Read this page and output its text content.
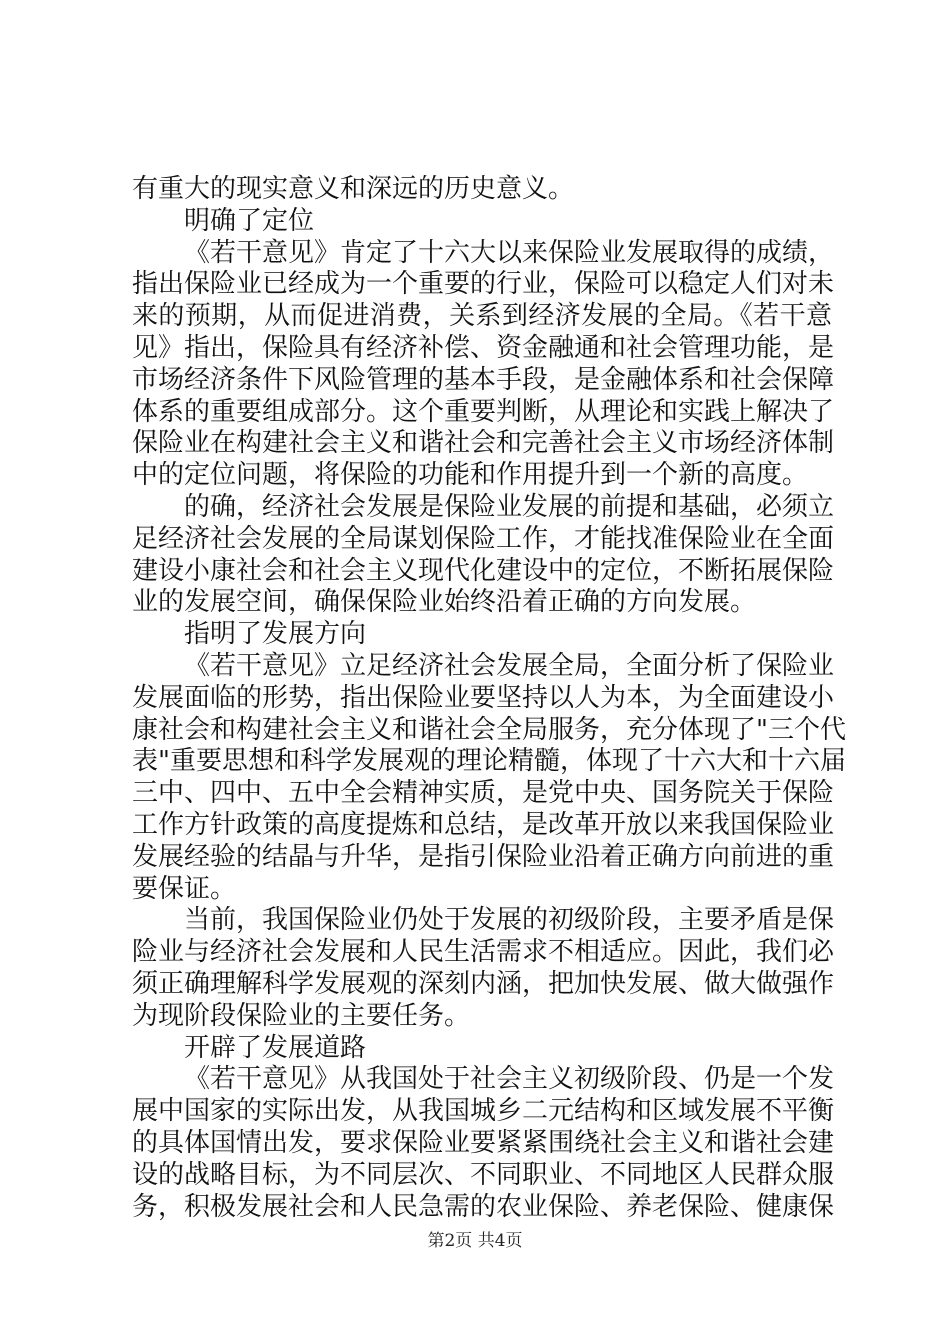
有重大的现实意义和深远的历史意义。
明确了定位
《若干意见》肯定了十六大以来保险业发展取得的成绩，
指出保险业已经成为一个重要的行业，保险可以稳定人们对未
来的预期，从而促进消费，关系到经济发展的全局。《若干意
见》指出，保险具有经济补偿、资金融通和社会管理功能，是
市场经济条件下风险管理的基本手段，是金融体系和社会保障
体系的重要组成部分。这个重要判断，从理论和实践上解决了
保险业在构建社会主义和谐社会和完善社会主义市场经济体制
中的定位问题，将保险的功能和作用提升到一个新的高度。
的确，经济社会发展是保险业发展的前提和基础，必须立
足经济社会发展的全局谋划保险工作，才能找准保险业在全面
建设小康社会和社会主义现代化建设中的定位，不断拓展保险
业的发展空间，确保保险业始终沿着正确的方向发展。
指明了发展方向
《若干意见》立足经济社会发展全局，全面分析了保险业
发展面临的形势，指出保险业要坚持以人为本，为全面建设小
康社会和构建社会主义和谐社会全局服务，充分体现了"三个代
表"重要思想和科学发展观的理论精髓，体现了十六大和十六届
三中、四中、五中全会精神实质，是党中央、国务院关于保险
工作方针政策的高度提炼和总结，是改革开放以来我国保险业
发展经验的结晶与升华，是指引保险业沿着正确方向前进的重
要保证。
当前，我国保险业仍处于发展的初级阶段，主要矛盾是保
险业与经济社会发展和人民生活需求不相适应。因此，我们必
须正确理解科学发展观的深刻内涵，把加快发展、做大做强作
为现阶段保险业的主要任务。
开辟了发展道路
《若干意见》从我国处于社会主义初级阶段、仍是一个发
展中国家的实际出发，从我国城乡二元结构和区域发展不平衡
的具体国情出发，要求保险业要紧紧围绕社会主义和谐社会建
设的战略目标，为不同层次、不同职业、不同地区人民群众服
务，积极发展社会和人民急需的农业保险、养老保险、健康保
第2页 共4页
